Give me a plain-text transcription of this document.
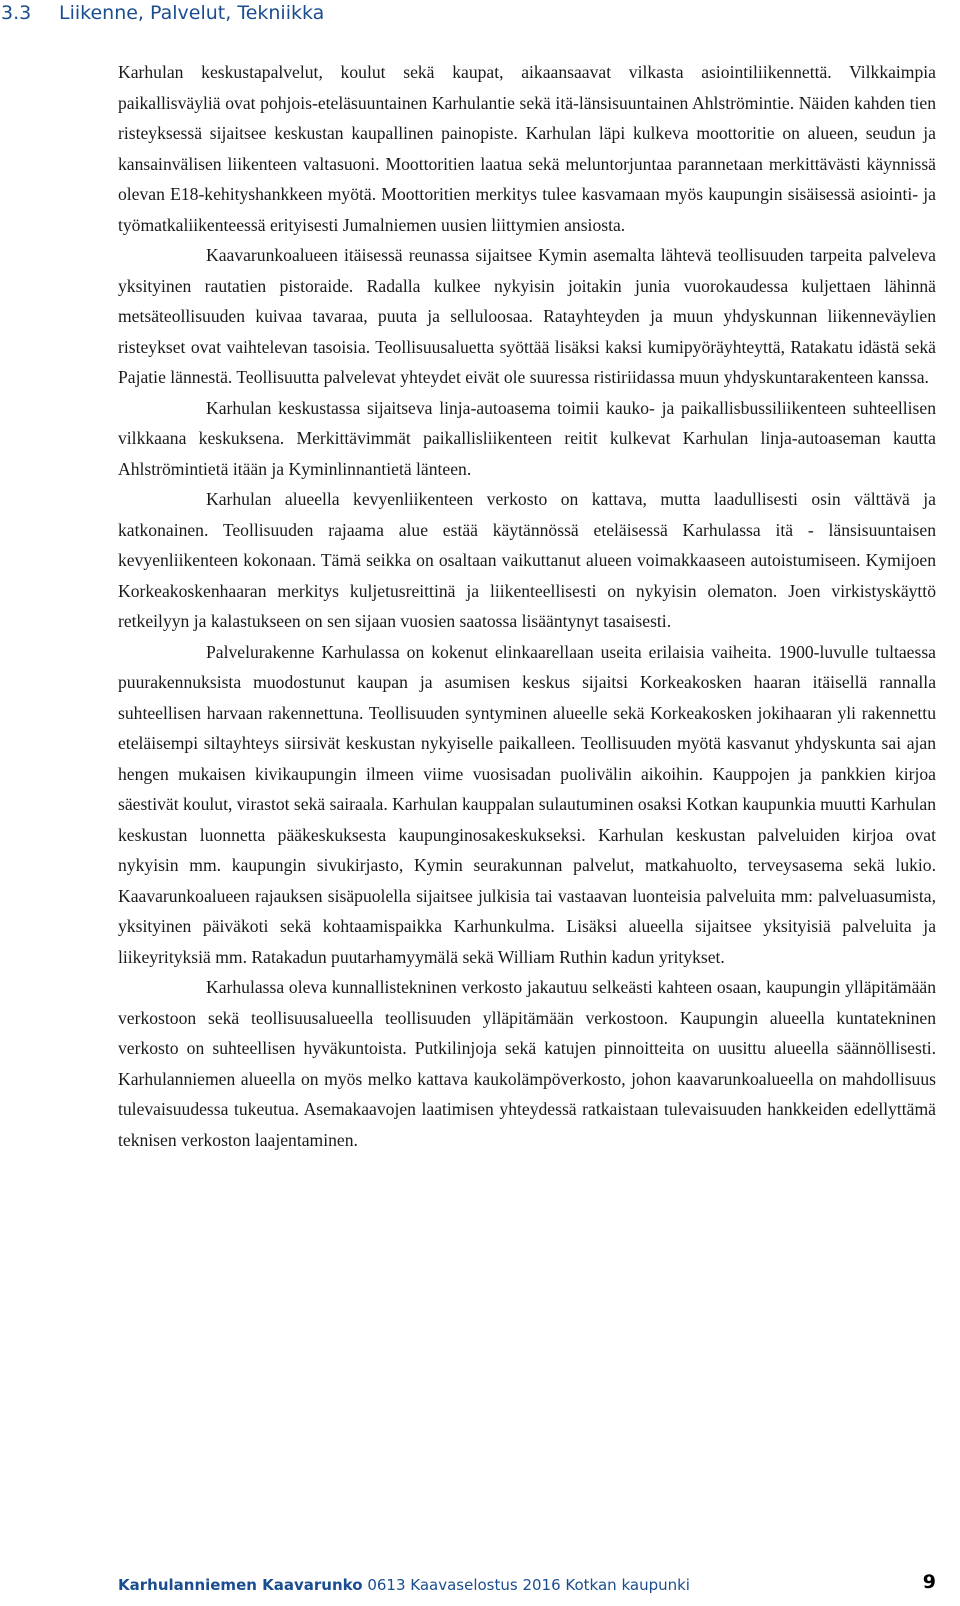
3.3 Liikenne, Palvelut, Tekniikka

Karhulan keskustapalvelut, koulut sekä kaupat, aikaansaavat vilkasta asiointiliikennettä. Vilkkaimpia paikallisväyliä ovat pohjois-eteläsuuntainen Karhulantie sekä itä-länsisuuntainen Ahlströmintie. Näiden kahden tien risteyksessä sijaitsee keskustan kaupallinen painopiste. Karhulan läpi kulkeva moottoritie on alueen, seudun ja kansainvälisen liikenteen valtasuoni. Moottoritien laatua sekä meluntorjuntaa parannetaan merkittävästi käynnissä olevan E18-kehityshankkeen myötä. Moottoritien merkitys tulee kasvamaan myös kaupungin sisäisessä asiointi- ja työmatkaliikenteessä erityisesti Jumalniemen uusien liittymien ansiosta.

Kaavarunkoalueen itäisessä reunassa sijaitsee Kymin asemalta lähtevä teollisuuden tarpeita palveleva yksityinen rautatien pistoraide. Radalla kulkee nykyisin joitakin junia vuorokaudessa kuljettaen lähinnä metsäteollisuuden kuivaa tavaraa, puuta ja selluloosaa. Ratayhteyden ja muun yhdyskunnan liikenneväylien risteykset ovat vaihtelevan tasoisia. Teollisuusaluetta syöttää lisäksi kaksi kumipyöräyhteyttä, Ratakatu idästä sekä Pajatie lännestä. Teollisuutta palvelevat yhteydet eivät ole suuressa ristiriidassa muun yhdyskuntarakenteen kanssa.

Karhulan keskustassa sijaitseva linja-autoasema toimii kauko- ja paikallisbussiliikenteen suhteellisen vilkkaana keskuksena. Merkittävimmät paikallisliikenteen reitit kulkevat Karhulan linja-autoaseman kautta Ahlströmintietä itään ja Kyminlinnantietä länteen.

Karhulan alueella kevyenliikenteen verkosto on kattava, mutta laadullisesti osin välttävä ja katkonainen. Teollisuuden rajaama alue estää käytännössä eteläisessä Karhulassa itä - länsisuuntaisen kevyenliikenteen kokonaan. Tämä seikka on osaltaan vaikuttanut alueen voimakkaaseen autoistumiseen. Kymijoen Korkeakoskenhaaran merkitys kuljetusreittinä ja liikenteellisesti on nykyisin olematon. Joen virkistyskäyttö retkeilyyn ja kalastukseen on sen sijaan vuosien saatossa lisääntynyt tasaisesti.

Palvelurakenne Karhulassa on kokenut elinkaarellaan useita erilaisia vaiheita. 1900-luvulle tultaessa puurakennuksista muodostunut kaupan ja asumisen keskus sijaitsi Korkeakosken haaran itäisellä rannalla suhteellisen harvaan rakennettuna. Teollisuuden syntyminen alueelle sekä Korkeakosken jokihaaran yli rakennettu eteläisempi siltayhteys siirsivät keskustan nykyiselle paikalleen. Teollisuuden myötä kasvanut yhdyskunta sai ajan hengen mukaisen kivikaupungin ilmeen viime vuosisadan puolivälin aikoihin. Kauppojen ja pankkien kirjoa säestivät koulut, virastot sekä sairaala. Karhulan kauppalan sulautuminen osaksi Kotkan kaupunkia muutti Karhulan keskustan luonnetta pääkeskuksesta kaupunginosakeskukseksi. Karhulan keskustan palveluiden kirjoa ovat nykyisin mm. kaupungin sivukirjasto, Kymin seurakunnan palvelut, matkahuolto, terveysasema sekä lukio. Kaavarunkoalueen rajauksen sisäpuolella sijaitsee julkisia tai vastaavan luonteisia palveluita mm: palveluasumista, yksityinen päiväkoti sekä kohtaamispaikka Karhunkulma. Lisäksi alueella sijaitsee yksityisiä palveluita ja liikeyrityksiä mm. Ratakadun puutarhamyymälä sekä William Ruthin kadun yritykset.

Karhulassa oleva kunnallistekninen verkosto jakautuu selkeästi kahteen osaan, kaupungin ylläpitämään verkostoon sekä teollisuusalueella teollisuuden ylläpitämään verkostoon. Kaupungin alueella kuntatekninen verkosto on suhteellisen hyväkuntoista. Putkilinjoja sekä katujen pinnoitteita on uusittu alueella säännöllisesti. Karhulanniemen alueella on myös melko kattava kaukolämpöverkosto, johon kaavarunkoalueella on mahdollisuus tulevaisuudessa tukeutua. Asemakaavojen laatimisen yhteydessä ratkaistaan tulevaisuuden hankkeiden edellyttämä teknisen verkoston laajentaminen.

Karhulanniemen Kaavarunko 0613 Kaavaselostus 2016 Kotkan kaupunki	9
